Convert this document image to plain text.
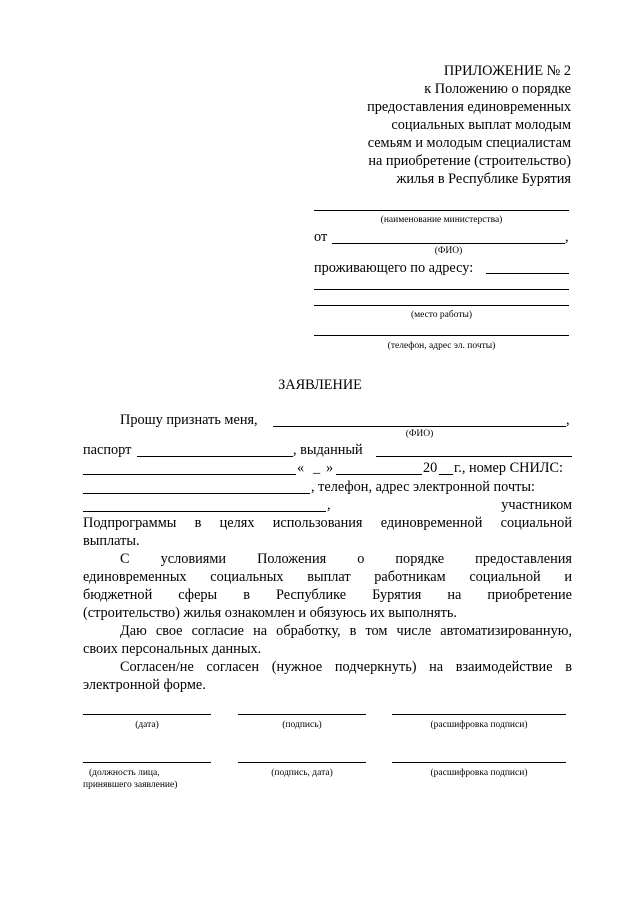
ПРИЛОЖЕНИЕ № 2
к Положению о порядке
предоставления единовременных
социальных выплат молодым
семьям и молодым специалистам
на приобретение (строительство)
жилья в Республике Бурятия
(наименование министерства)
от	,
(ФИО)
проживающего по адресу:
(место работы)
(телефон, адрес эл. почты)
ЗАЯВЛЕНИЕ
Прошу признать меня,	,
(ФИО)
паспорт	, выданный
« _ »	20 г., номер СНИЛС:
, телефон, адрес электронной почты:
,	участником
Подпрограммы в целях использования единовременной социальной
выплаты.
С условиями Положения о порядке предоставления
единовременных социальных выплат работникам социальной и
бюджетной сферы в Республике Бурятия на приобретение
(строительство) жилья ознакомлен и обязуюсь их выполнять.
Даю свое согласие на обработку, в том числе автоматизированную,
своих персональных данных.
Согласен/не согласен (нужное подчеркнуть) на взаимодействие в
электронной форме.
(дата)	(подпись)	(расшифровка подписи)
(должность лица,
принявшего заявление)
(подпись, дата)	(расшифровка подписи)
